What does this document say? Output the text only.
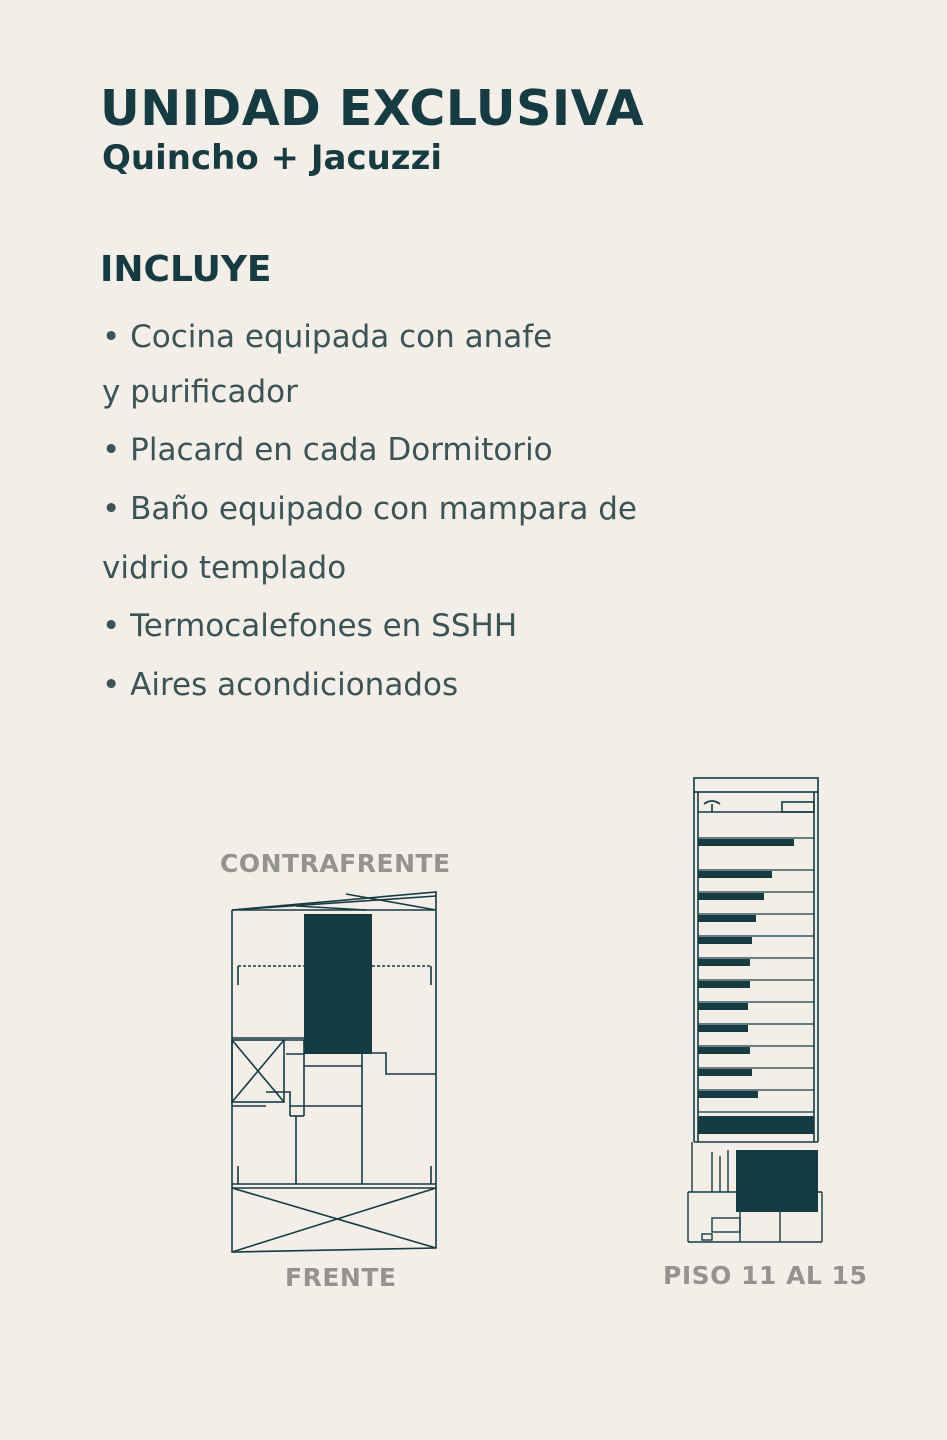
UNIDAD EXCLUSIVA
Quincho + Jacuzzi
INCLUYE

• Cocina equipada con anafe

y purificador

• Placard en cada Dormitorio

• Baño equipado con mampara de

vidrio templado

• Termocalefones en SSHH

• Aires acondicionados

CONTRAFRENTE

FRENTE	PISO 11 AL 15
